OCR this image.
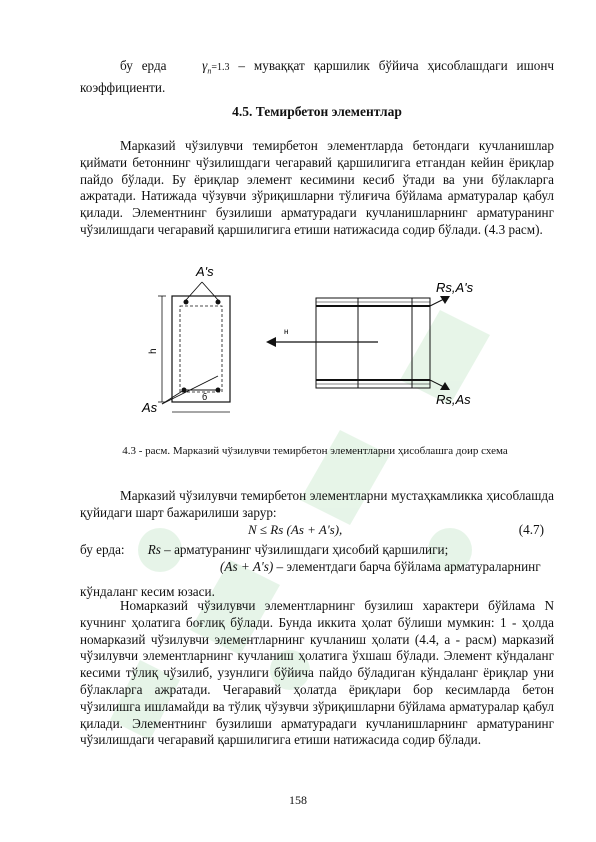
бу ерда	$\gamma_n=1.3$ – муваққат қаршилик бўйича ҳисоблашдаги ишонч коэффициенти.

4.5. Темирбетон элементлар

Марказий чўзилувчи темирбетон элементларда бетондаги кучланишлар қиймати бетоннинг чўзилишдаги чегаравий қаршилигига етгандан кейин ёриқлар пайдо бўлади. Бу ёриқлар элемент кесимини кесиб ўтади ва уни бўлакларга ажратади. Натижада чўзувчи зўриқишларни тўлиғича бўйлама арматуралар қабул қилади. Элементнинг бузилиши арматурадаги кучланишларнинг арматуранинг чўзилишдаги чегаравий қаршилигига етиши натижасида содир бўлади. (4.3 расм).

A's
h
б
As
н
Rs,A's
Rs,As
4.3 - расм. Марказий чўзилувчи темирбетон элементларни ҳисоблашга доир схема

Марказий чўзилувчи темирбетон элементларни мустаҳкамликка ҳисоблашда қуйидаги шарт бажарилиши зарур:

N ≤ Rs (As + A's),	(4.7)

бу ерда: Rs – арматуранинг чўзилишдаги ҳисобий қаршилиги;

(As + A's) – элементдаги барча бўйлама арматураларнинг

кўндаланг кесим юзаси.

Номарказий чўзилувчи элементларнинг бузилиш характери бўйлама N кучнинг ҳолатига боғлиқ бўлади. Бунда иккита ҳолат бўлиши мумкин: 1 - ҳолда номарказий чўзилувчи элементларнинг кучланиш ҳолати (4.4, а - расм) марказий чўзилувчи элементларнинг кучланиш ҳолатига ўхшаш бўлади. Элемент кўндаланг кесими тўлиқ чўзилиб, узунлиги бўйича пайдо бўладиган кўндаланг ёриқлар уни бўлакларга ажратади. Чегаравий ҳолатда ёриқлари бор кесимларда бетон чўзилишга ишламайди ва тўлиқ чўзувчи зўриқишларни бўйлама арматуралар қабул қилади. Элементнинг бузилиши арматурадаги кучланишларнинг арматуранинг чўзилишдаги чегаравий қаршилигига етиши натижасида содир бўлади.

158
